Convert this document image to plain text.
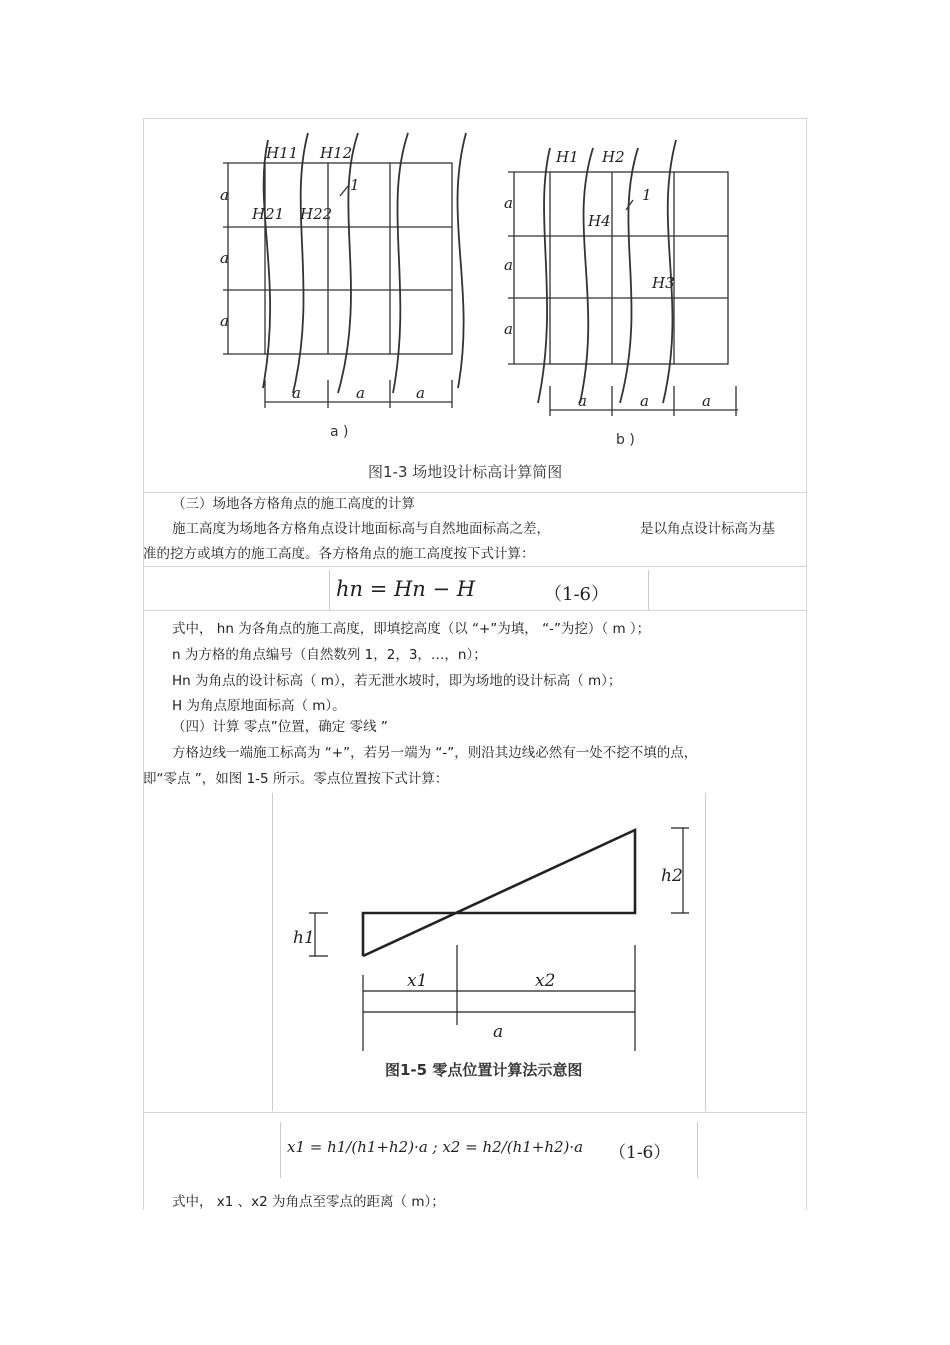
H11 H12
H21 H22
1
a
a
a
a	a	a
H1 H2
H4
H3
1
a
a
a
a	a	a
a )	b )
图1-3 场地设计标高计算简图
（三）场地各方格角点的施工高度的计算
施工高度为场地各方格角点设计地面标高与自然地面标高之差，	是以角点设计标高为基
准的挖方或填方的施工高度。各方格角点的施工高度按下式计算：
hn = Hn − H	（1-6）
式中， hn 为各角点的施工高度，即填挖高度（以 “+”为填， “-”为挖）（ m ）；
n 为方格的角点编号（自然数列 1，2，3，…，n）；
Hn 为角点的设计标高（ m），若无泄水坡时，即为场地的设计标高（ m）；
H 为角点原地面标高（ m）。
（四）计算 零点”位置，确定 零线 ”
方格边线一端施工标高为 “+”，若另一端为 “-”，则沿其边线必然有一处不挖不填的点，
即“零点 ”，如图 1-5 所示。零点位置按下式计算：
h1
h2
x1	x2
a
图1-5 零点位置计算法示意图
x1 = h1/(h1+h2)·a ; x2 = h2/(h1+h2)·a （1-6）
式中， x1 、x2 为角点至零点的距离（ m）；
